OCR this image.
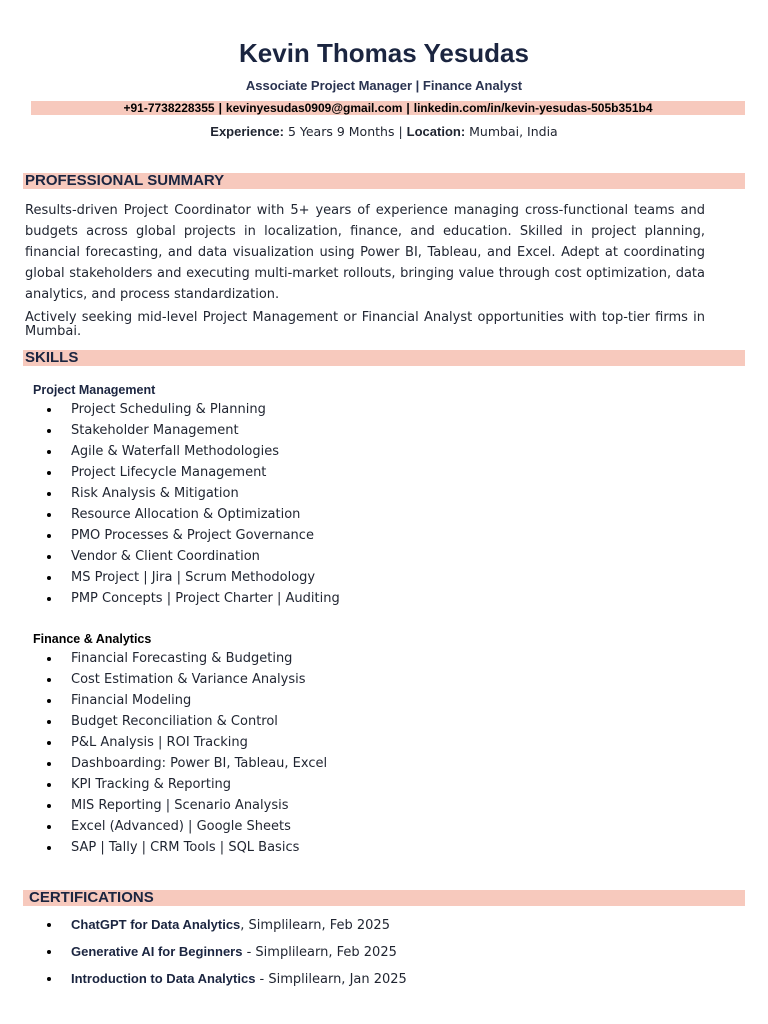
Kevin Thomas Yesudas
Associate Project Manager | Finance Analyst
+91-7738228355 | kevinyesudas0909@gmail.com | linkedin.com/in/kevin-yesudas-505b351b4
Experience: 5 Years 9 Months | Location: Mumbai, India
PROFESSIONAL SUMMARY

Results-driven Project Coordinator with 5+ years of experience managing cross-functional teams and budgets across global projects in localization, finance, and education. Skilled in project planning, financial forecasting, and data visualization using Power BI, Tableau, and Excel. Adept at coordinating global stakeholders and executing multi-market rollouts, bringing value through cost optimization, data analytics, and process standardization.

Actively seeking mid-level Project Management or Financial Analyst opportunities with top-tier firms in Mumbai.

SKILLS
Project Management
Project Scheduling & Planning
Stakeholder Management
Agile & Waterfall Methodologies
Project Lifecycle Management
Risk Analysis & Mitigation
Resource Allocation & Optimization
PMO Processes & Project Governance
Vendor & Client Coordination
MS Project | Jira | Scrum Methodology
PMP Concepts | Project Charter | Auditing
Finance & Analytics
Financial Forecasting & Budgeting
Cost Estimation & Variance Analysis
Financial Modeling
Budget Reconciliation & Control
P&L Analysis | ROI Tracking
Dashboarding: Power BI, Tableau, Excel
KPI Tracking & Reporting
MIS Reporting | Scenario Analysis
Excel (Advanced) | Google Sheets
SAP | Tally | CRM Tools | SQL Basics
CERTIFICATIONS
ChatGPT for Data Analytics, Simplilearn, Feb 2025
Generative AI for Beginners - Simplilearn, Feb 2025
Introduction to Data Analytics - Simplilearn, Jan 2025
